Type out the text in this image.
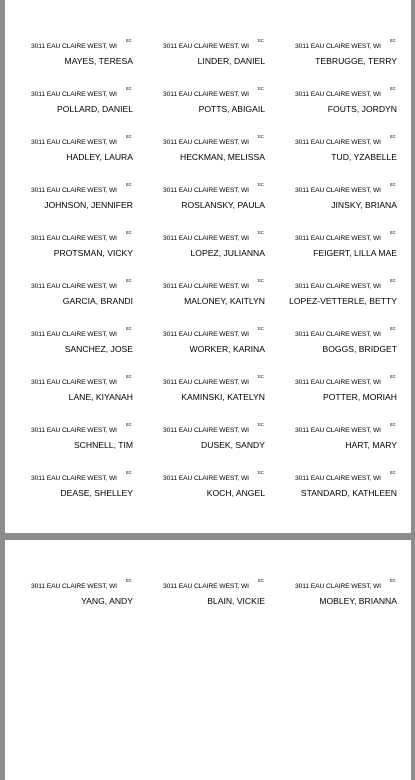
EC
3011 EAU CLAIRE WEST, WI
MAYES, TERESA
EC
3011 EAU CLAIRE WEST, WI
LINDER, DANIEL
EC
3011 EAU CLAIRE WEST, WI
TEBRUGGE, TERRY
EC
3011 EAU CLAIRE WEST, WI
POLLARD, DANIEL
EC
3011 EAU CLAIRE WEST, WI
POTTS, ABIGAIL
EC
3011 EAU CLAIRE WEST, WI
FOUTS, JORDYN
EC
3011 EAU CLAIRE WEST, WI
HADLEY, LAURA
EC
3011 EAU CLAIRE WEST, WI
HECKMAN, MELISSA
EC
3011 EAU CLAIRE WEST, WI
TUD, YZABELLE
EC
3011 EAU CLAIRE WEST, WI
JOHNSON, JENNIFER
EC
3011 EAU CLAIRE WEST, WI
ROSLANSKY, PAULA
EC
3011 EAU CLAIRE WEST, WI
JINSKY, BRIANA
EC
3011 EAU CLAIRE WEST, WI
PROTSMAN, VICKY
EC
3011 EAU CLAIRE WEST, WI
LOPEZ, JULIANNA
EC
3011 EAU CLAIRE WEST, WI
FEIGERT, LILLA MAE
EC
3011 EAU CLAIRE WEST, WI
GARCIA, BRANDI
EC
3011 EAU CLAIRE WEST, WI
MALONEY, KAITLYN
EC
3011 EAU CLAIRE WEST, WI
LOPEZ-VETTERLE, BETTY
EC
3011 EAU CLAIRE WEST, WI
SANCHEZ, JOSE
EC
3011 EAU CLAIRE WEST, WI
WORKER, KARINA
EC
3011 EAU CLAIRE WEST, WI
BOGGS, BRIDGET
EC
3011 EAU CLAIRE WEST, WI
LANE, KIYANAH
EC
3011 EAU CLAIRE WEST, WI
KAMINSKI, KATELYN
EC
3011 EAU CLAIRE WEST, WI
POTTER, MORIAH
EC
3011 EAU CLAIRE WEST, WI
SCHNELL, TIM
EC
3011 EAU CLAIRE WEST, WI
DUSEK, SANDY
EC
3011 EAU CLAIRE WEST, WI
HART, MARY
EC
3011 EAU CLAIRE WEST, WI
DEASE, SHELLEY
EC
3011 EAU CLAIRE WEST, WI
KOCH, ANGEL
EC
3011 EAU CLAIRE WEST, WI
STANDARD, KATHLEEN
EC
3011 EAU CLAIRE WEST, WI
YANG, ANDY
EC
3011 EAU CLAIRE WEST, WI
BLAIN, VICKIE
EC
3011 EAU CLAIRE WEST, WI
MOBLEY, BRIANNA
